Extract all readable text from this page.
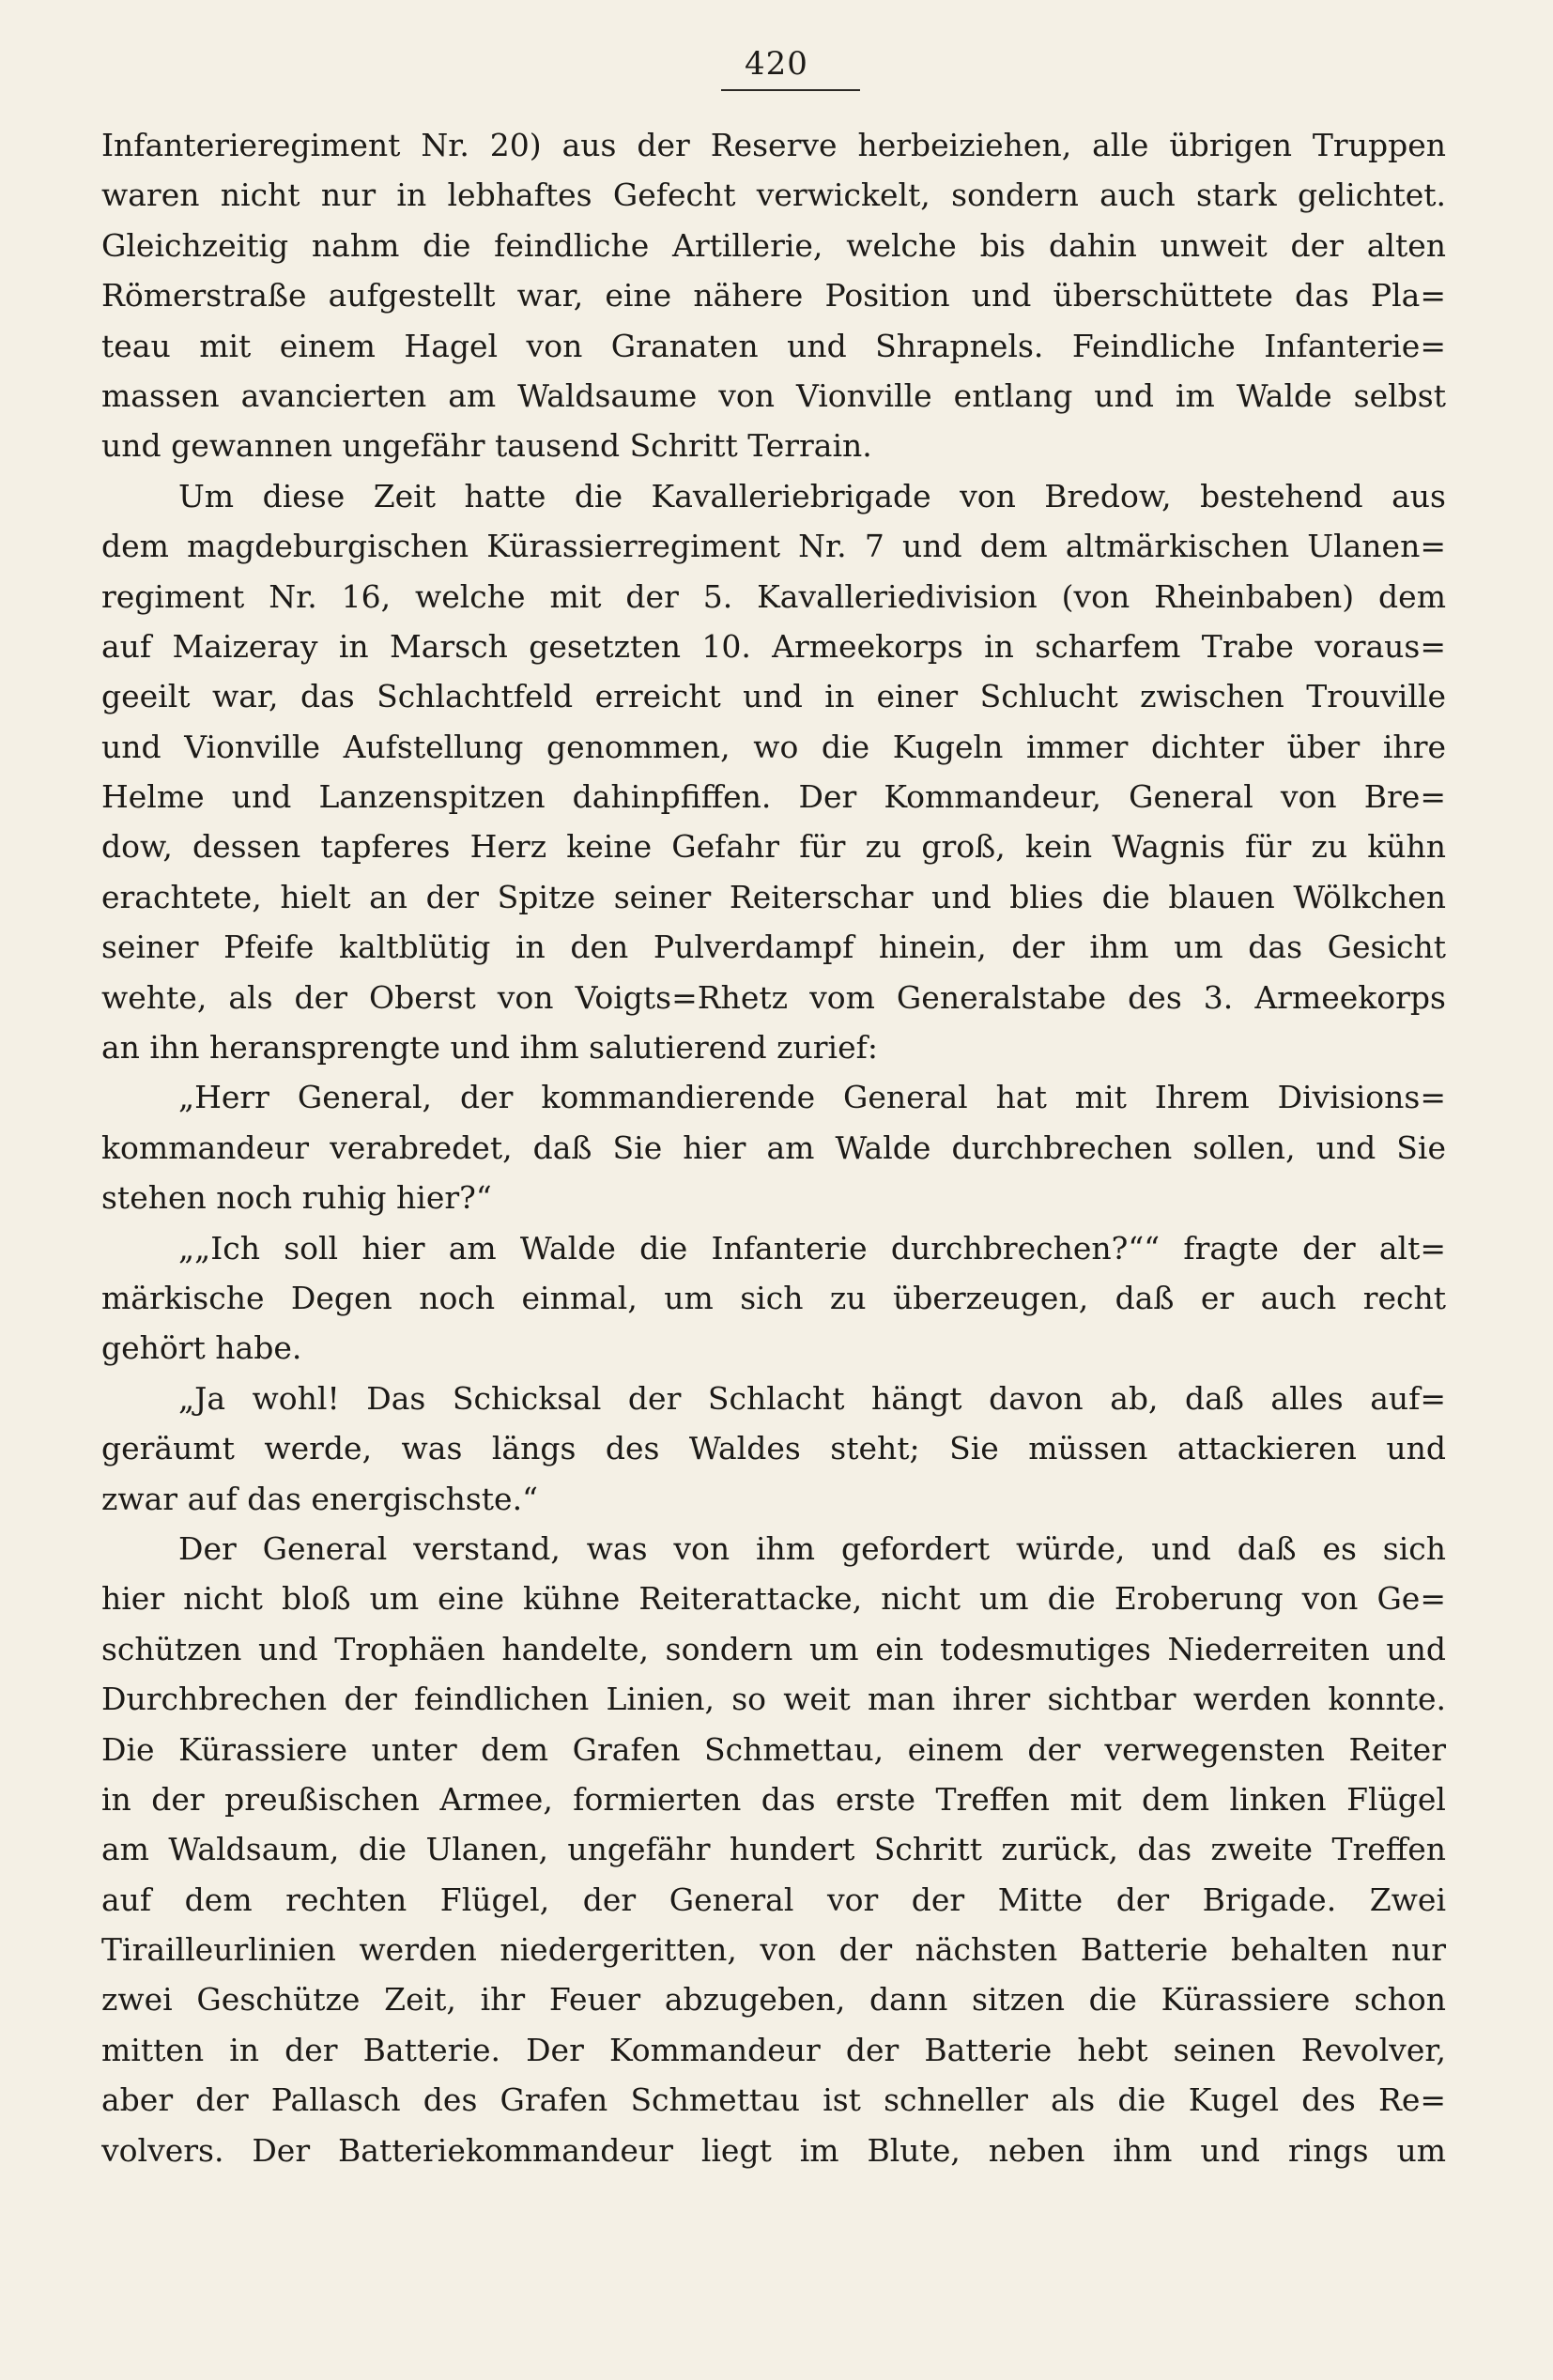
420
Infanterieregiment Nr. 20) aus der Reserve herbeiziehen, alle übrigen Truppen
waren nicht nur in lebhaftes Gefecht verwickelt, sondern auch stark gelichtet.
Gleichzeitig nahm die feindliche Artillerie, welche bis dahin unweit der alten
Römerstraße aufgestellt war, eine nähere Position und überschüttete das Pla=
teau mit einem Hagel von Granaten und Shrapnels. Feindliche Infanterie=
massen avancierten am Waldsaume von Vionville entlang und im Walde selbst
und gewannen ungefähr tausend Schritt Terrain.
Um diese Zeit hatte die Kavalleriebrigade von Bredow, bestehend aus
dem magdeburgischen Kürassierregiment Nr. 7 und dem altmärkischen Ulanen=
regiment Nr. 16, welche mit der 5. Kavalleriedivision (von Rheinbaben) dem
auf Maizeray in Marsch gesetzten 10. Armeekorps in scharfem Trabe voraus=
geeilt war, das Schlachtfeld erreicht und in einer Schlucht zwischen Trouville
und Vionville Aufstellung genommen, wo die Kugeln immer dichter über ihre
Helme und Lanzenspitzen dahinpfiffen. Der Kommandeur, General von Bre=
dow, dessen tapferes Herz keine Gefahr für zu groß, kein Wagnis für zu kühn
erachtete, hielt an der Spitze seiner Reiterschar und blies die blauen Wölkchen
seiner Pfeife kaltblütig in den Pulverdampf hinein, der ihm um das Gesicht
wehte, als der Oberst von Voigts=Rhetz vom Generalstabe des 3. Armeekorps
an ihn heransprengte und ihm salutierend zurief:
„Herr General, der kommandierende General hat mit Ihrem Divisions=
kommandeur verabredet, daß Sie hier am Walde durchbrechen sollen, und Sie
stehen noch ruhig hier?“
„„Ich soll hier am Walde die Infanterie durchbrechen?““ fragte der alt=
märkische Degen noch einmal, um sich zu überzeugen, daß er auch recht
gehört habe.
„Ja wohl! Das Schicksal der Schlacht hängt davon ab, daß alles auf=
geräumt werde, was längs des Waldes steht; Sie müssen attackieren und
zwar auf das energischste.“
Der General verstand, was von ihm gefordert würde, und daß es sich
hier nicht bloß um eine kühne Reiterattacke, nicht um die Eroberung von Ge=
schützen und Trophäen handelte, sondern um ein todesmutiges Niederreiten und
Durchbrechen der feindlichen Linien, so weit man ihrer sichtbar werden konnte.
Die Kürassiere unter dem Grafen Schmettau, einem der verwegensten Reiter
in der preußischen Armee, formierten das erste Treffen mit dem linken Flügel
am Waldsaum, die Ulanen, ungefähr hundert Schritt zurück, das zweite Treffen
auf dem rechten Flügel, der General vor der Mitte der Brigade. Zwei
Tirailleurlinien werden niedergeritten, von der nächsten Batterie behalten nur
zwei Geschütze Zeit, ihr Feuer abzugeben, dann sitzen die Kürassiere schon
mitten in der Batterie. Der Kommandeur der Batterie hebt seinen Revolver,
aber der Pallasch des Grafen Schmettau ist schneller als die Kugel des Re=
volvers. Der Batteriekommandeur liegt im Blute, neben ihm und rings um
